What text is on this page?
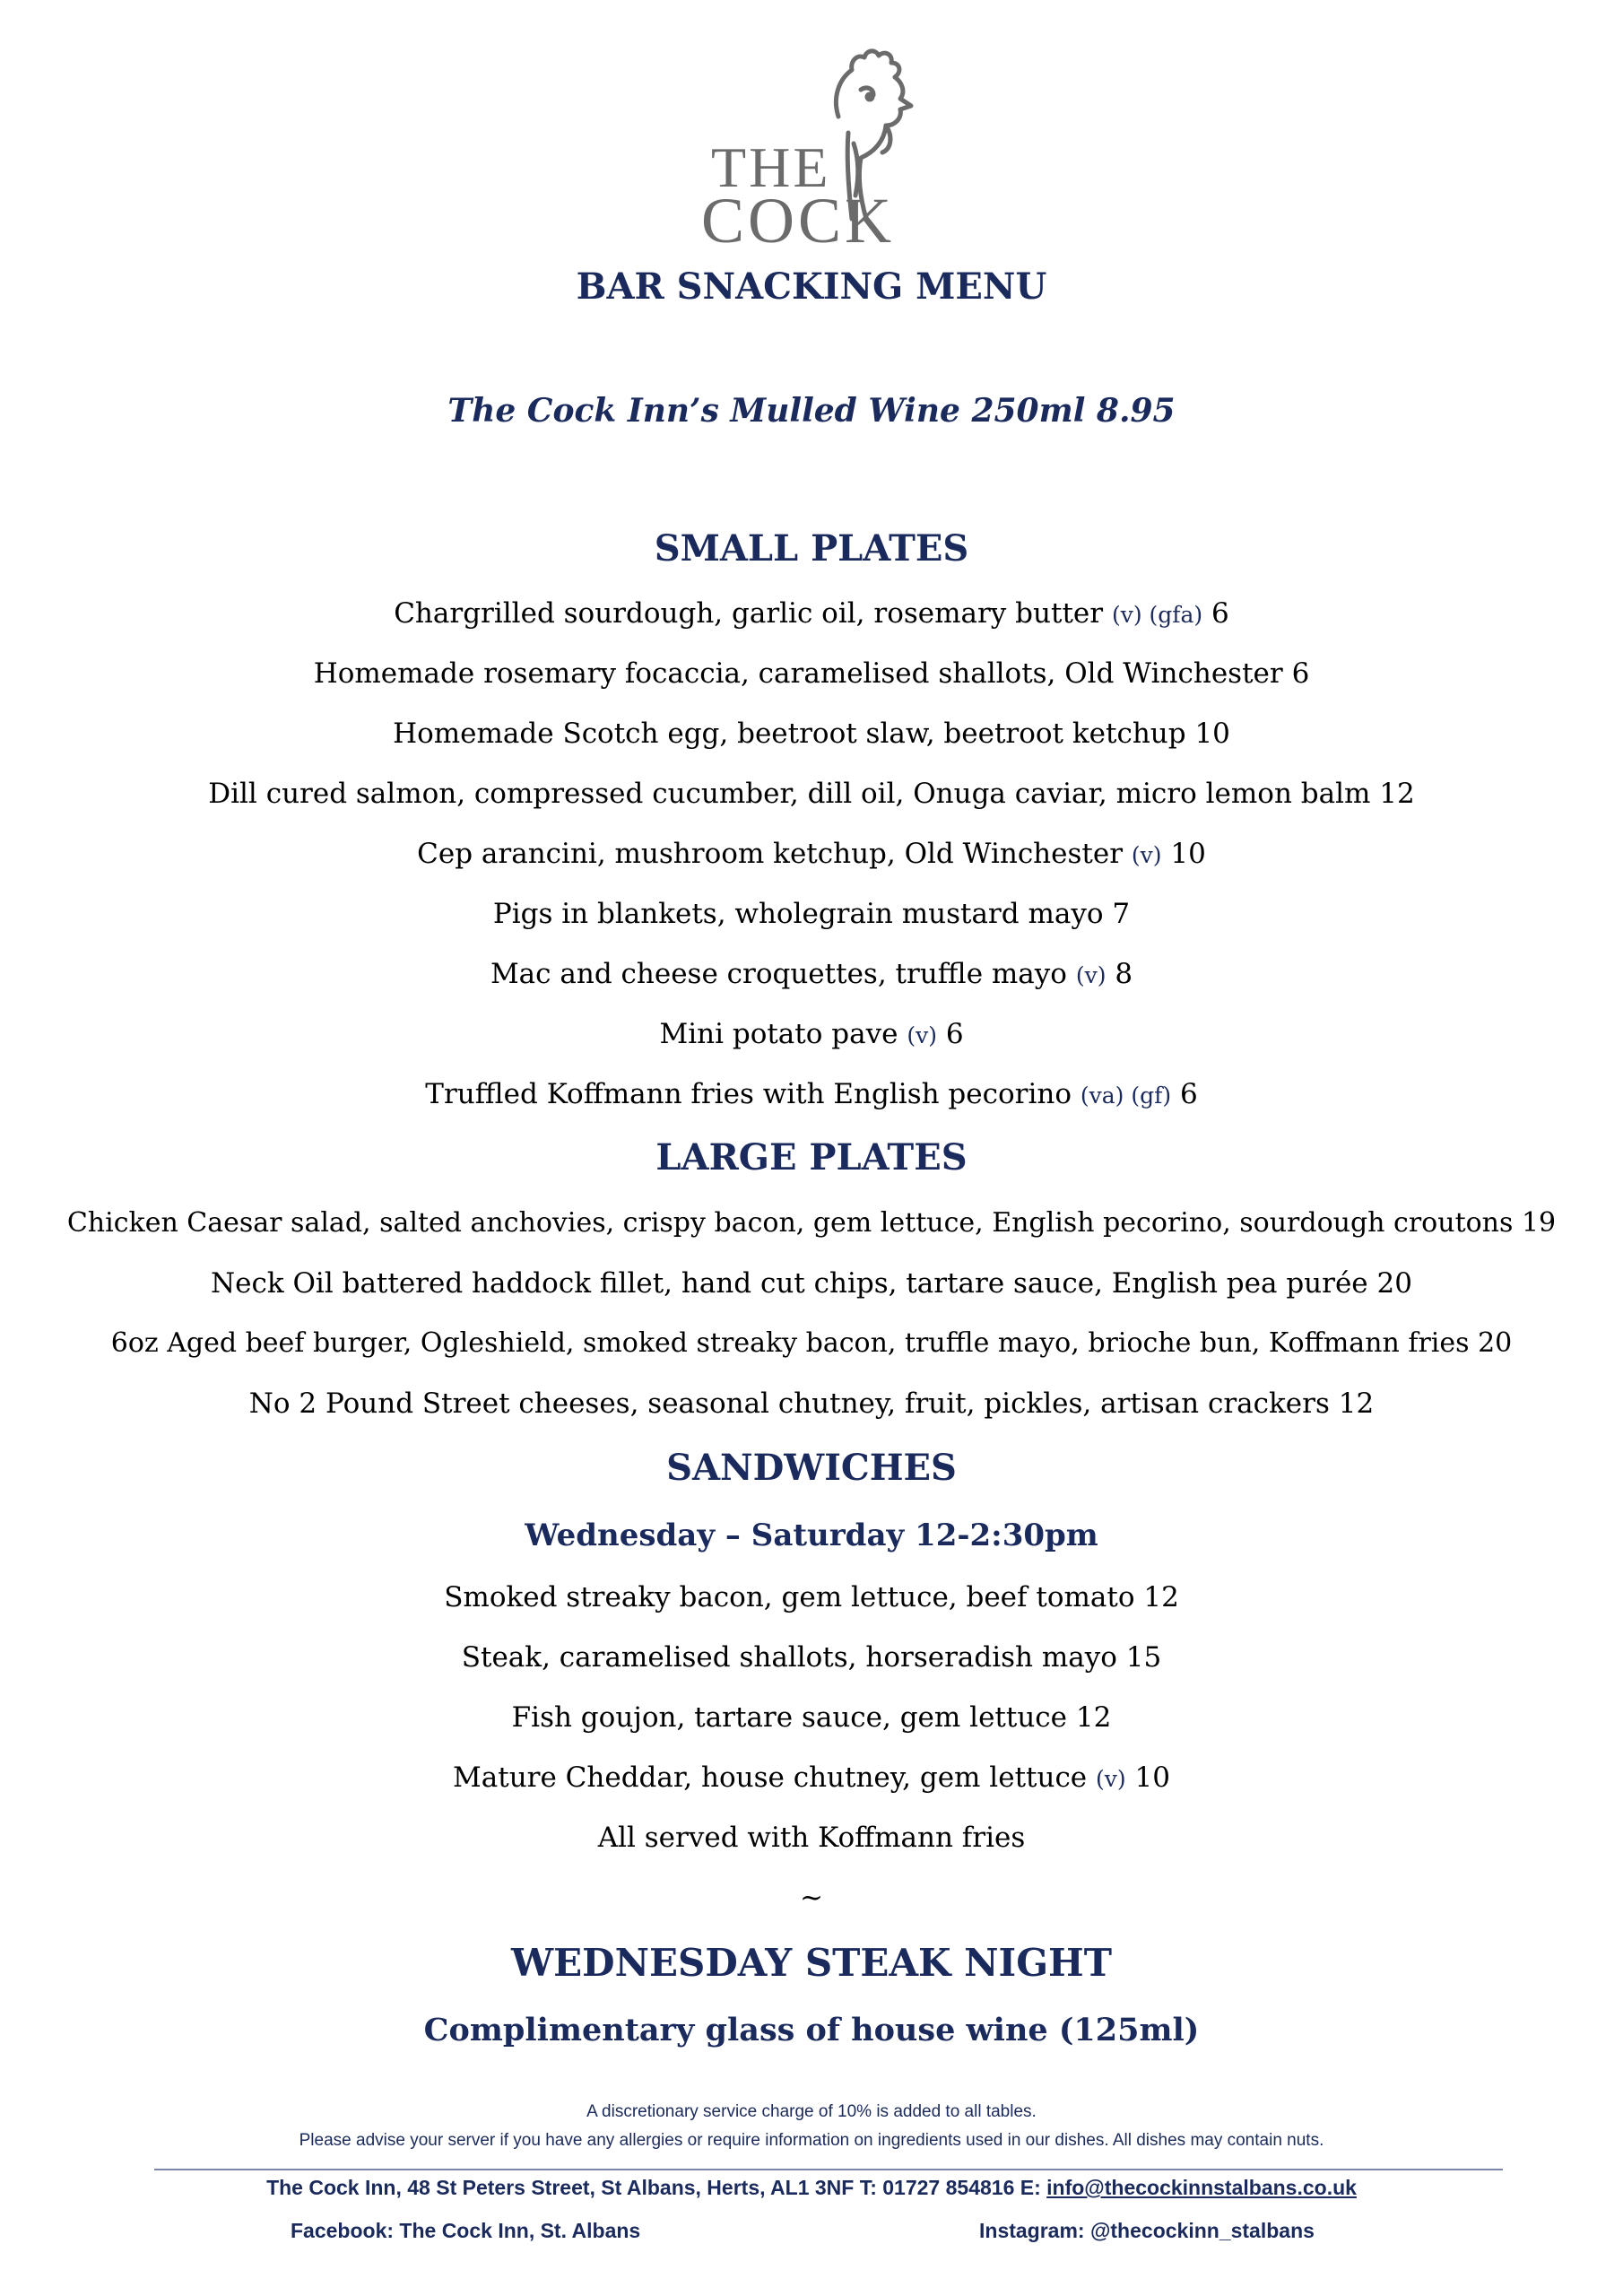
THE
COCK
BAR SNACKING MENU
The Cock Inn’s Mulled Wine 250ml 8.95
SMALL PLATES
Chargrilled sourdough, garlic oil, rosemary butter (v) (gfa) 6
Homemade rosemary focaccia, caramelised shallots, Old Winchester 6
Homemade Scotch egg, beetroot slaw, beetroot ketchup 10
Dill cured salmon, compressed cucumber, dill oil, Onuga caviar, micro lemon balm 12
Cep arancini, mushroom ketchup, Old Winchester (v) 10
Pigs in blankets, wholegrain mustard mayo 7
Mac and cheese croquettes, truffle mayo (v) 8
Mini potato pave (v) 6
Truffled Koffmann fries with English pecorino (va) (gf) 6
LARGE PLATES
Chicken Caesar salad, salted anchovies, crispy bacon, gem lettuce, English pecorino, sourdough croutons 19
Neck Oil battered haddock fillet, hand cut chips, tartare sauce, English pea purée 20
6oz Aged beef burger, Ogleshield, smoked streaky bacon, truffle mayo, brioche bun, Koffmann fries 20
No 2 Pound Street cheeses, seasonal chutney, fruit, pickles, artisan crackers 12
SANDWICHES
Wednesday – Saturday 12-2:30pm
Smoked streaky bacon, gem lettuce, beef tomato 12
Steak, caramelised shallots, horseradish mayo 15
Fish goujon, tartare sauce, gem lettuce 12
Mature Cheddar, house chutney, gem lettuce (v) 10
All served with Koffmann fries
~
WEDNESDAY STEAK NIGHT
Complimentary glass of house wine (125ml)
A discretionary service charge of 10% is added to all tables.
Please advise your server if you have any allergies or require information on ingredients used in our dishes. All dishes may contain nuts.
The Cock Inn, 48 St Peters Street, St Albans, Herts, AL1 3NF T: 01727 854816 E: info@thecockinnstalbans.co.uk
Facebook: The Cock Inn, St. Albans	Instagram: @thecockinn_stalbans
